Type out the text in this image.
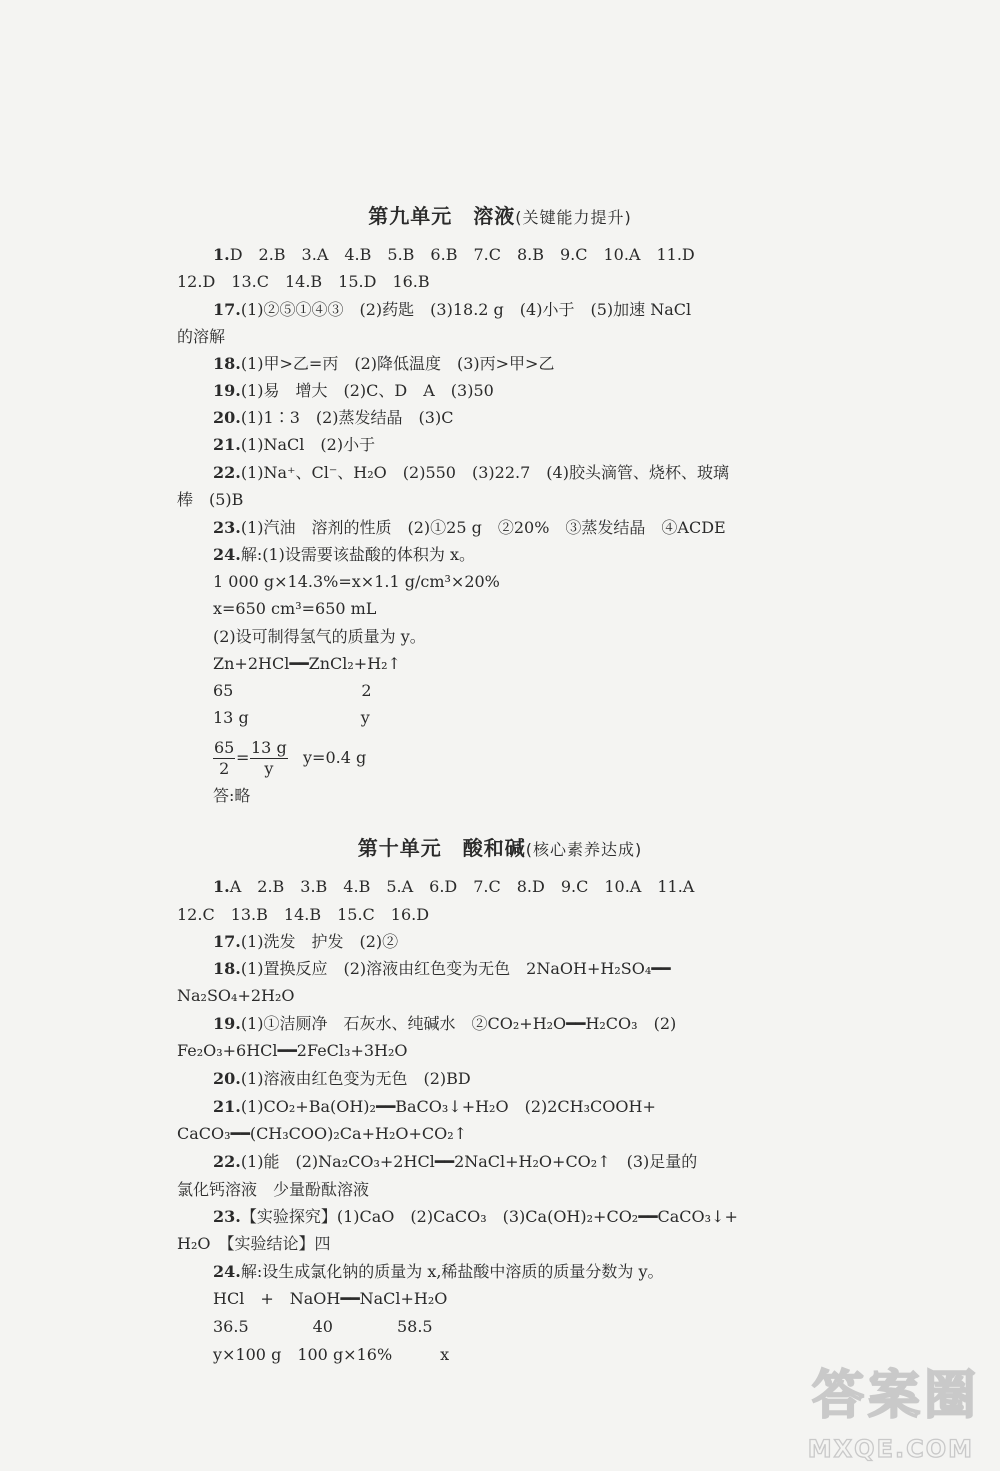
第九单元　溶液(关键能力提升)
1.D　2.B　3.A　4.B　5.B　6.B　7.C　8.B　9.C　10.A　11.D
12.D　13.C　14.B　15.D　16.B
17.(1)②⑤①④③　(2)药匙　(3)18.2 g　(4)小于　(5)加速 NaCl
的溶解
18.(1)甲>乙=丙　(2)降低温度　(3)丙>甲>乙
19.(1)易　增大　(2)C、D　A　(3)50
20.(1)1∶3　(2)蒸发结晶　(3)C
21.(1)NaCl　(2)小于
22.(1)Na⁺、Cl⁻、H₂O　(2)550　(3)22.7　(4)胶头滴管、烧杯、玻璃
棒　(5)B
23.(1)汽油　溶剂的性质　(2)①25 g　②20%　③蒸发结晶　④ACDE
24.解:(1)设需要该盐酸的体积为 x。
1 000 g×14.3%=x×1.1 g/cm³×20%
x=650 cm³=650 mL
(2)设可制得氢气的质量为 y。
Zn+2HCl━━ZnCl₂+H₂↑
65　　　　　　　　2
13 g　　　　　　　y
$\frac{65}{2} = \frac{13 g}{y} y=0.4$ g
答:略
第十单元　酸和碱(核心素养达成)
1.A　2.B　3.B　4.B　5.A　6.D　7.C　8.D　9.C　10.A　11.A
12.C　13.B　14.B　15.C　16.D
17.(1)洗发　护发　(2)②
18.(1)置换反应　(2)溶液由红色变为无色　2NaOH+H₂SO₄━━
Na₂SO₄+2H₂O
19.(1)①洁厕净　石灰水、纯碱水　②CO₂+H₂O━━H₂CO₃　(2)
Fe₂O₃+6HCl━━2FeCl₃+3H₂O
20.(1)溶液由红色变为无色　(2)BD
21.(1)CO₂+Ba(OH)₂━━BaCO₃↓+H₂O　(2)2CH₃COOH+
CaCO₃━━(CH₃COO)₂Ca+H₂O+CO₂↑
22.(1)能　(2)Na₂CO₃+2HCl━━2NaCl+H₂O+CO₂↑　(3)足量的
氯化钙溶液　少量酚酞溶液
23.【实验探究】(1)CaO　(2)CaCO₃　(3)Ca(OH)₂+CO₂━━CaCO₃↓+
H₂O　【实验结论】四
24.解:设生成氯化钠的质量为 x,稀盐酸中溶质的质量分数为 y。
HCl　+　NaOH━━NaCl+H₂O
36.5　　　　40　　　　58.5
y×100 g　100 g×16%　　　x
答案圈
MXQE.COM
